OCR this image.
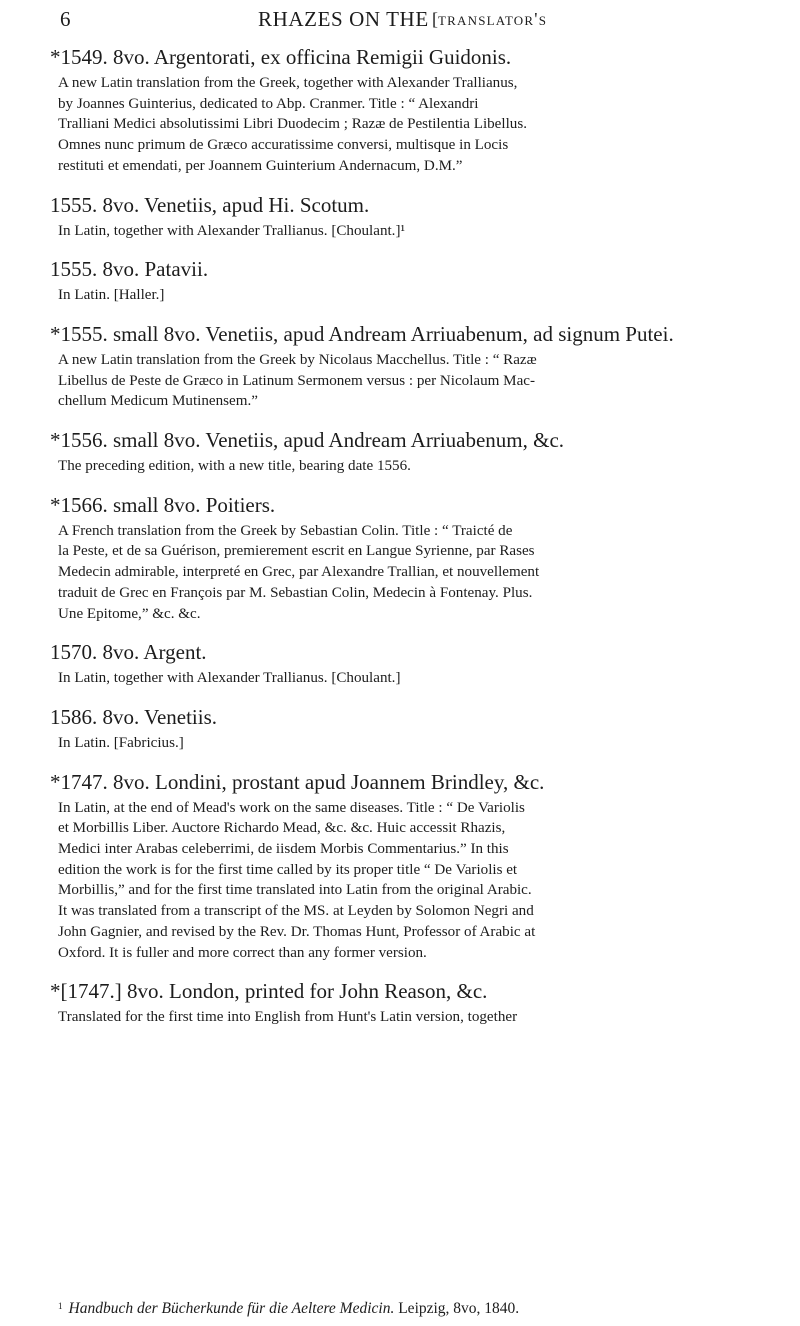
6	RHAZES ON THE [translator's

*1549. 8vo. Argentorati, ex officina Remigii Guidonis.

A new Latin translation from the Greek, together with Alexander Trallianus,

by Joannes Guinterius, dedicated to Abp. Cranmer. Title : “ Alexandri

Tralliani Medici absolutissimi Libri Duodecim ; Razæ de Pestilentia Libellus.

Omnes nunc primum de Græco accuratissime conversi, multisque in Locis

restituti et emendati, per Joannem Guinterium Andernacum, D.M.”

1555. 8vo. Venetiis, apud Hi. Scotum.

In Latin, together with Alexander Trallianus. [Choulant.]¹

1555. 8vo. Patavii.

In Latin. [Haller.]

*1555. small 8vo. Venetiis, apud Andream Arriuabenum, ad signum Putei.

A new Latin translation from the Greek by Nicolaus Macchellus. Title : “ Razæ

Libellus de Peste de Græco in Latinum Sermonem versus : per Nicolaum Mac-

chellum Medicum Mutinensem.”

*1556. small 8vo. Venetiis, apud Andream Arriuabenum, &c.

The preceding edition, with a new title, bearing date 1556.

*1566. small 8vo. Poitiers.

A French translation from the Greek by Sebastian Colin. Title : “ Traicté de

la Peste, et de sa Guérison, premierement escrit en Langue Syrienne, par Rases

Medecin admirable, interpreté en Grec, par Alexandre Trallian, et nouvellement

traduit de Grec en François par M. Sebastian Colin, Medecin à Fontenay. Plus.

Une Epitome,” &c. &c.

1570. 8vo. Argent.

In Latin, together with Alexander Trallianus. [Choulant.]

1586. 8vo. Venetiis.

In Latin. [Fabricius.]

*1747. 8vo. Londini, prostant apud Joannem Brindley, &c.

In Latin, at the end of Mead's work on the same diseases. Title : “ De Variolis

et Morbillis Liber. Auctore Richardo Mead, &c. &c. Huic accessit Rhazis,

Medici inter Arabas celeberrimi, de iisdem Morbis Commentarius.” In this

edition the work is for the first time called by its proper title “ De Variolis et

Morbillis,” and for the first time translated into Latin from the original Arabic.

It was translated from a transcript of the MS. at Leyden by Solomon Negri and

John Gagnier, and revised by the Rev. Dr. Thomas Hunt, Professor of Arabic at

Oxford. It is fuller and more correct than any former version.

*[1747.] 8vo. London, printed for John Reason, &c.

Translated for the first time into English from Hunt's Latin version, together

$^1$ Handbuch der Bücherkunde für die Aeltere Medicin. Leipzig, 8vo, 1840.
